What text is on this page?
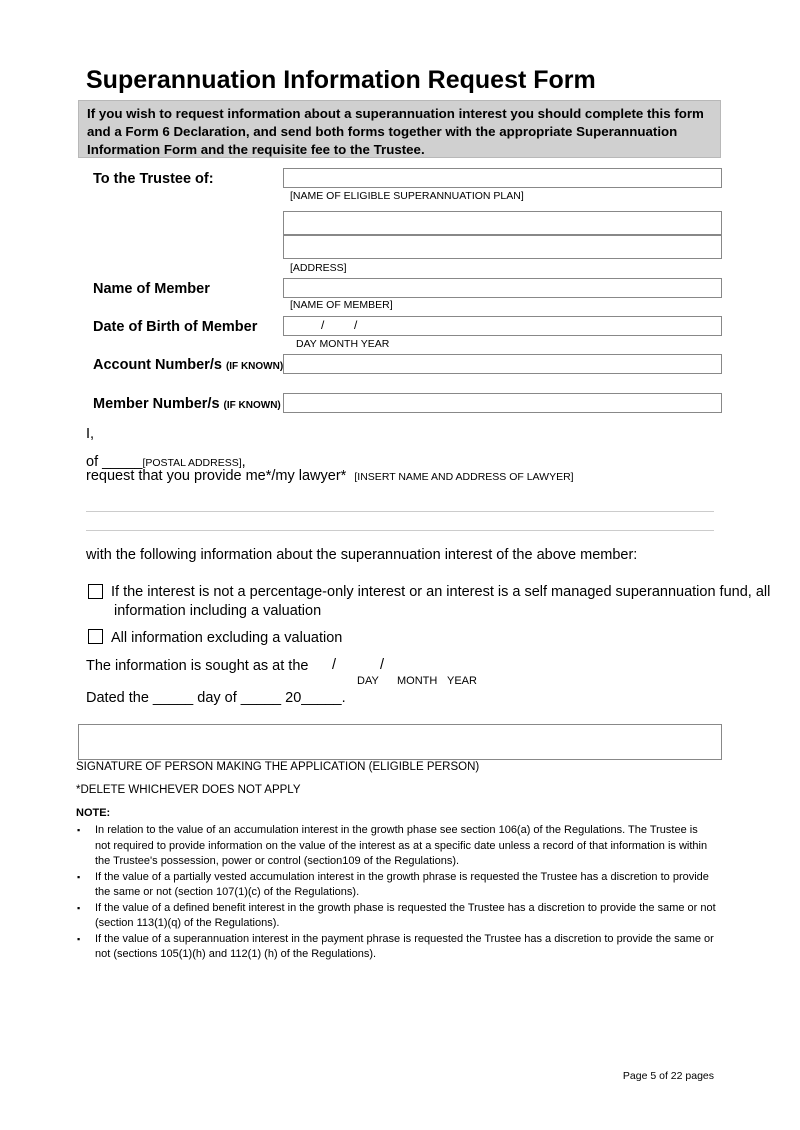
Superannuation Information Request Form
If you wish to request information about a superannuation interest you should complete this form and a Form 6 Declaration, and send both forms together with the appropriate Superannuation Information Form and the requisite fee to the Trustee.
To the Trustee of:
[NAME OF ELIGIBLE SUPERANNUATION PLAN]
[ADDRESS]
Name of Member
[NAME OF MEMBER]
Date of Birth of Member	/ /
DAY MONTH YEAR
Account Number/s (IF KNOWN)
Member Number/s (IF KNOWN)
I,
of _____[POSTAL ADDRESS],
request that you provide me*/my lawyer* [INSERT NAME AND ADDRESS OF LAWYER]
with the following information about the superannuation interest of the above member:
If the interest is not a percentage-only interest or an interest is a self managed superannuation fund, all
information including a valuation
All information excluding a valuation
The information is sought as at the /	/
DAY MONTH YEAR
Dated the _____ day of _____ 20_____.
SIGNATURE OF PERSON MAKING THE APPLICATION (ELIGIBLE PERSON)
*DELETE WHICHEVER DOES NOT APPLY
NOTE:
▪ In relation to the value of an accumulation interest in the growth phase see section 106(a) of the Regulations. The Trustee is not required to provide information on the value of the interest as at a specific date unless a record of that information is within the Trustee's possession, power or control (section109 of the Regulations).
▪ If the value of a partially vested accumulation interest in the growth phrase is requested the Trustee has a discretion to provide the same or not (section 107(1)(c) of the Regulations).
▪ If the value of a defined benefit interest in the growth phase is requested the Trustee has a discretion to provide the same or not (section 113(1)(q) of the Regulations).
▪ If the value of a superannuation interest in the payment phrase is requested the Trustee has a discretion to provide the same or not (sections 105(1)(h) and 112(1) (h) of the Regulations).
Page 5 of 22 pages
